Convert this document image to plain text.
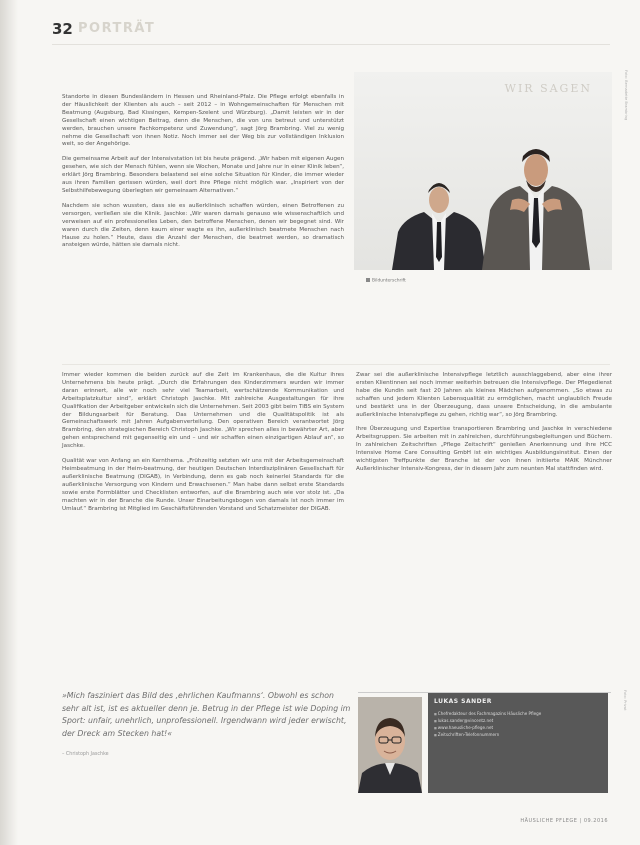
32 PORTRÄT

Standorte in diesen Bundesländern in Hessen und Rheinland-Pfalz. Die Pflege erfolgt ebenfalls in der Häuslichkeit der Klienten als auch – seit 2012 – in Wohngemeinschaften für Menschen mit Beatmung (Augsburg, Bad Kissingen, Kempen-Szelent und Würzburg). „Damit leisten wir in der Gesellschaft einen wichtigen Beitrag, denn die Menschen, die von uns betreut und unterstützt werden, brauchen unsere Fachkompetenz und Zuwendung“, sagt Jörg Brambring. Viel zu wenig nehme die Gesellschaft von ihnen Notiz. Noch immer sei der Weg bis zur vollständigen Inklusion weit, so der Angehörige.

Die gemeinsame Arbeit auf der Intensivstation ist bis heute prägend. „Wir haben mit eigenen Augen gesehen, wie sich der Mensch fühlen, wenn sie Wochen, Monate und Jahre nur in einer Klinik leben“, erklärt Jörg Brambring. Besonders belastend sei eine solche Situation für Kinder, die immer wieder aus ihren Familien gerissen würden, weil dort ihre Pflege nicht möglich war. „Inspiriert von der Selbsthilfebewegung überlegten wir gemeinsam Alternativen.“

Nachdem sie schon wussten, dass sie es außerklinisch schaffen würden, einen Betroffenen zu versorgen, verließen sie die Klinik. Jaschke: „Wir waren damals genauso wie wissenschaftlich und verweisen auf ein professionelles Leben, den betroffene Menschen, denen wir begegnet sind. Wir waren durch die Zeiten, denn kaum einer wagte es ihn, außerklinisch beatmete Menschen nach Hause zu holen.“ Heute, dass die Anzahl der Menschen, die beatmet werden, so dramatisch ansteigen würde, hätten sie damals nicht.

WIR SAGEN	Foto: Bernadette Brambring
Bildunterschrift

Immer wieder kommen die beiden zurück auf die Zeit im Krankenhaus, die die Kultur ihres Unternehmens bis heute prägt. „Durch die Erfahrungen des Kinderzimmers wurden wir immer daran erinnert, alle wir noch sehr viel Teamarbeit, wertschätzende Kommunikation und Arbeitsplatzkultur sind“, erklärt Christoph Jaschke. Mit zahlreiche Ausgestaltungen für ihre Qualifikation der Arbeitgeber entwickeln sich die Unternehmen. Seit 2003 gibt beim TiBS ein System der Bildungsarbeit für Beratung. Das Unternehmen und die Qualitätspolitik ist als Gemeinschaftswerk mit Jahren Aufgabenverteilung. Den operativen Bereich verantwortet Jörg Brambring, den strategischen Bereich Christoph Jaschke. „Wir sprechen alles in bewährter Art, aber gehen entsprechend mit gegenseitig ein und – und wir schaffen einen einzigartigen Ablauf an“, so Jaschke.

Qualität war von Anfang an ein Kernthema. „Frühzeitig setzten wir uns mit der Arbeitsgemeinschaft Heimbeatmung in der Heim-beatmung, der heutigen Deutschen Interdisziplinären Gesellschaft für außerklinische Beatmung (DIGAB), in Verbindung, denn es gab noch keinerlei Standards für die außerklinische Versorgung von Kindern und Erwachsenen.“ Man habe dann selbst erste Standards sowie erste Formblätter und Checklisten entworfen, auf die Brambring auch wie vor stolz ist. „Da machten wir in der Branche die Runde. Unser Einarbeitungsbogen von damals ist noch immer im Umlauf.“ Brambring ist Mitglied im Geschäftsführenden Vorstand und Schatzmeister der DIGAB.

Zwar sei die außerklinische Intensivpflege letztlich ausschlaggebend, aber eine ihrer ersten Klientinnen sei noch immer weiterhin betreuen die Intensivpflege. Der Pflegedienst habe die Kundin seit fast 20 Jahren als kleines Mädchen aufgenommen. „So etwas zu schaffen und jedem Klienten Lebensqualität zu ermöglichen, macht unglaublich Freude und bestärkt uns in der Überzeugung, dass unsere Entscheidung, in die ambulante außerklinische Intensivpflege zu gehen, richtig war“, so Jörg Brambring.

Ihre Überzeugung und Expertise transportieren Brambring und Jaschke in verschiedene Arbeitsgruppen. Sie arbeiten mit in zahlreichen, durchführungsbegleitungen und Büchern. In zahlreichen Zeitschriften „Pflege Zeitschrift“ genießen Anerkennung und ihre HCC Intensive Home Care Consulting GmbH ist ein wichtiges Ausbildungsinstitut. Einen der wichtigsten Treffpunkte der Branche ist der von ihnen initiierte MAIK Münchner Außerklinischer Intensiv-Kongress, der in diesem Jahr zum neunten Mal stattfinden wird.

»Mich fasziniert das Bild des ‚ehrlichen Kaufmanns‘. Obwohl es schon sehr alt ist, ist es aktueller denn je. Betrug in der Pflege ist wie Doping im Sport: unfair, unehrlich, unprofessionell. Irgendwann wird jeder erwischt, der Dreck am Stecken hat!«
– Christoph Jaschke
LUKAS SANDER
■ Chefredakteur des Fachmagazins Häusliche Pflege
■ lukas.sander@vincentz.net
■ www.haeusliche-pflege.net
■ Zeitschriften-Telefonnummern
Foto: Privat
HÄUSLICHE PFLEGE | 09.2016
